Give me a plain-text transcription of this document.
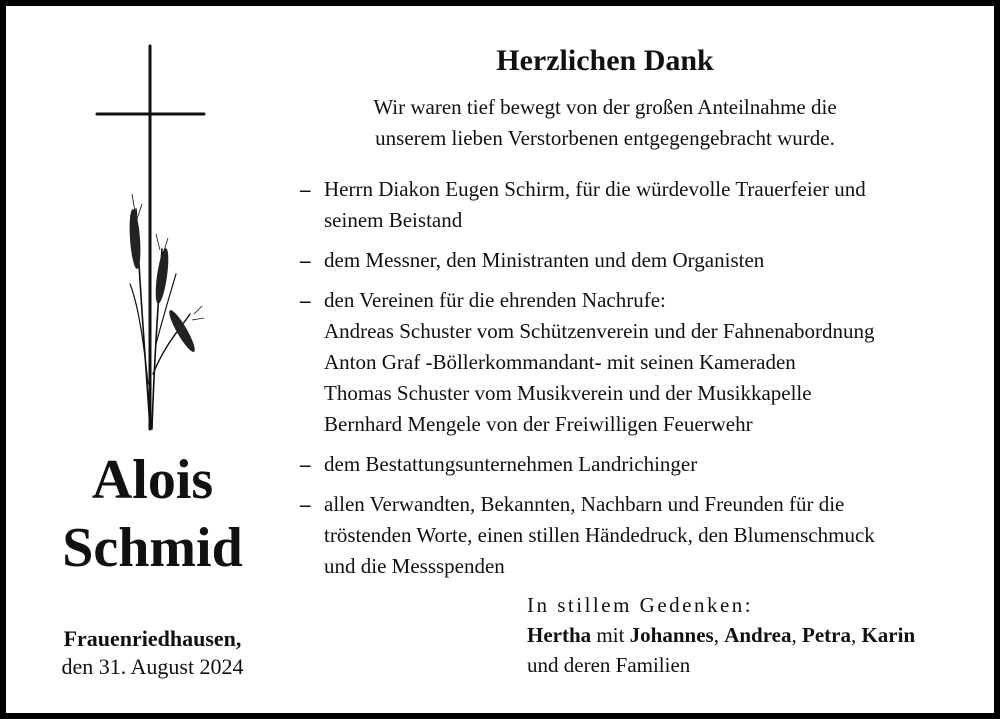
Alois
Schmid
Frauenriedhausen,
den 31. August 2024
Herzlichen Dank
Wir waren tief bewegt von der großen Anteilnahme die
unserem lieben Verstorbenen entgegengebracht wurde.
– Herrn Diakon Eugen Schirm, für die würdevolle Trauerfeier und
seinem Beistand
– dem Messner, den Ministranten und dem Organisten
– den Vereinen für die ehrenden Nachrufe:
Andreas Schuster vom Schützenverein und der Fahnenabordnung
Anton Graf -Böllerkommandant- mit seinen Kameraden
Thomas Schuster vom Musikverein und der Musikkapelle
Bernhard Mengele von der Freiwilligen Feuerwehr
– dem Bestattungsunternehmen Landrichinger
– allen Verwandten, Bekannten, Nachbarn und Freunden für die
tröstenden Worte, einen stillen Händedruck, den Blumenschmuck
und die Messspenden
In stillem Gedenken:
Hertha mit Johannes, Andrea, Petra, Karin
und deren Familien
